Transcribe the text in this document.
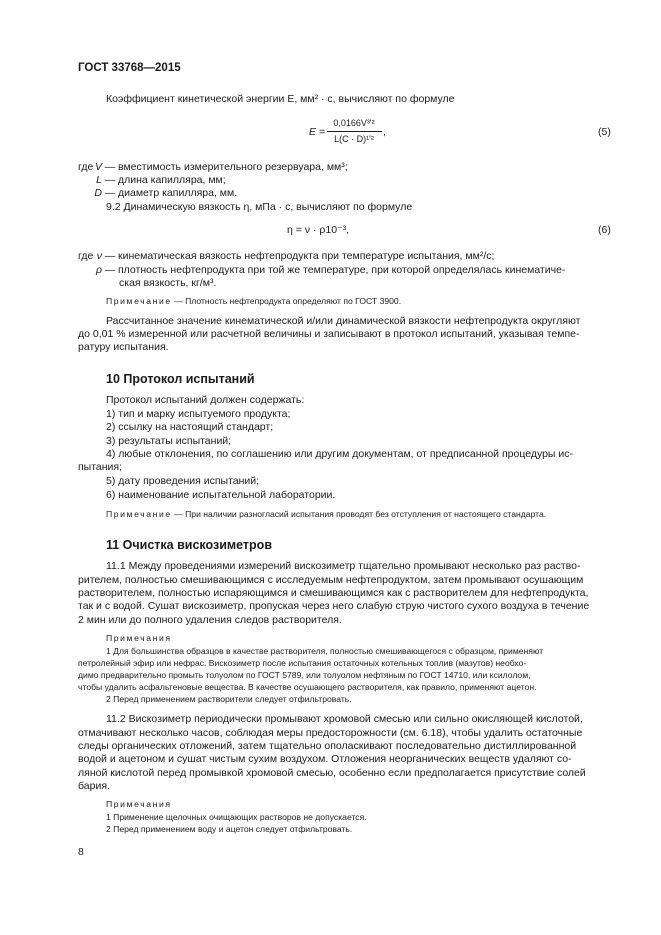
ГОСТ 33768—2015
Коэффициент кинетической энергии E, мм² · с, вычисляют по формуле
E =
0,0166V³ʹ²
L(C · D)¹ʹ²
,	(5)
где V — вместимость измерительного резервуара, мм³;
L — длина капилляра, мм;
D — диаметр капилляра, мм.
9.2 Динамическую вязкость η, мПа · с, вычисляют по формуле
η = ν · ρ10⁻³,	(6)
где ν — кинематическая вязкость нефтепродукта при температуре испытания, мм²/с;
ρ — плотность нефтепродукта при той же температуре, при которой определялась кинематиче-
ская вязкость, кг/м³.
Примечание — Плотность нефтепродукта определяют по ГОСТ 3900.
Рассчитанное значение кинематической и/или динамической вязкости нефтепродукта округляют
до 0,01 % измеренной или расчетной величины и записывают в протокол испытаний, указывая темпе-
ратуру испытания.
10 Протокол испытаний
Протокол испытаний должен содержать:
1) тип и марку испытуемого продукта;
2) ссылку на настоящий стандарт;
3) результаты испытаний;
4) любые отклонения, по соглашению или другим документам, от предписанной процедуры ис-
пытания;
5) дату проведения испытаний;
6) наименование испытательной лаборатории.
Примечание — При наличии разногласий испытания проводят без отступления от настоящего стандарта.
11 Очистка вискозиметров
11.1 Между проведениями измерений вискозиметр тщательно промывают несколько раз раство-
рителем, полностью смешивающимся с исследуемым нефтепродуктом, затем промывают осушающим
растворителем, полностью испаряющимся и смешивающимся как с растворителем для нефтепродукта,
так и с водой. Сушат вискозиметр, пропуская через него слабую струю чистого сухого воздуха в течение
2 мин или до полного удаления следов растворителя.
Примечания
1 Для большинства образцов в качестве растворителя, полностью смешивающегося с образцом, применяют
петролейный эфир или нефрас. Вискозиметр после испытания остаточных котельных топлив (мазутов) необхо-
димо предварительно промыть толуолом по ГОСТ 5789, или толуолом нефтяным по ГОСТ 14710, или ксилолом,
чтобы удалить асфальтеновые вещества. В качестве осушающего растворителя, как правило, применяют ацетон.
2 Перед применением растворители следует отфильтровать.
11.2 Вискозиметр периодически промывают хромовой смесью или сильно окисляющей кислотой,
отмачивают несколько часов, соблюдая меры предосторожности (см. 6.18), чтобы удалить остаточные
следы органических отложений, затем тщательно ополаскивают последовательно дистиллированной
водой и ацетоном и сушат чистым сухим воздухом. Отложения неорганических веществ удаляют со-
ляной кислотой перед промывкой хромовой смесью, особенно если предполагается присутствие солей
бария.
Примечания
1 Применение щелочных очищающих растворов не допускается.
2 Перед применением воду и ацетон следует отфильтровать.
8
